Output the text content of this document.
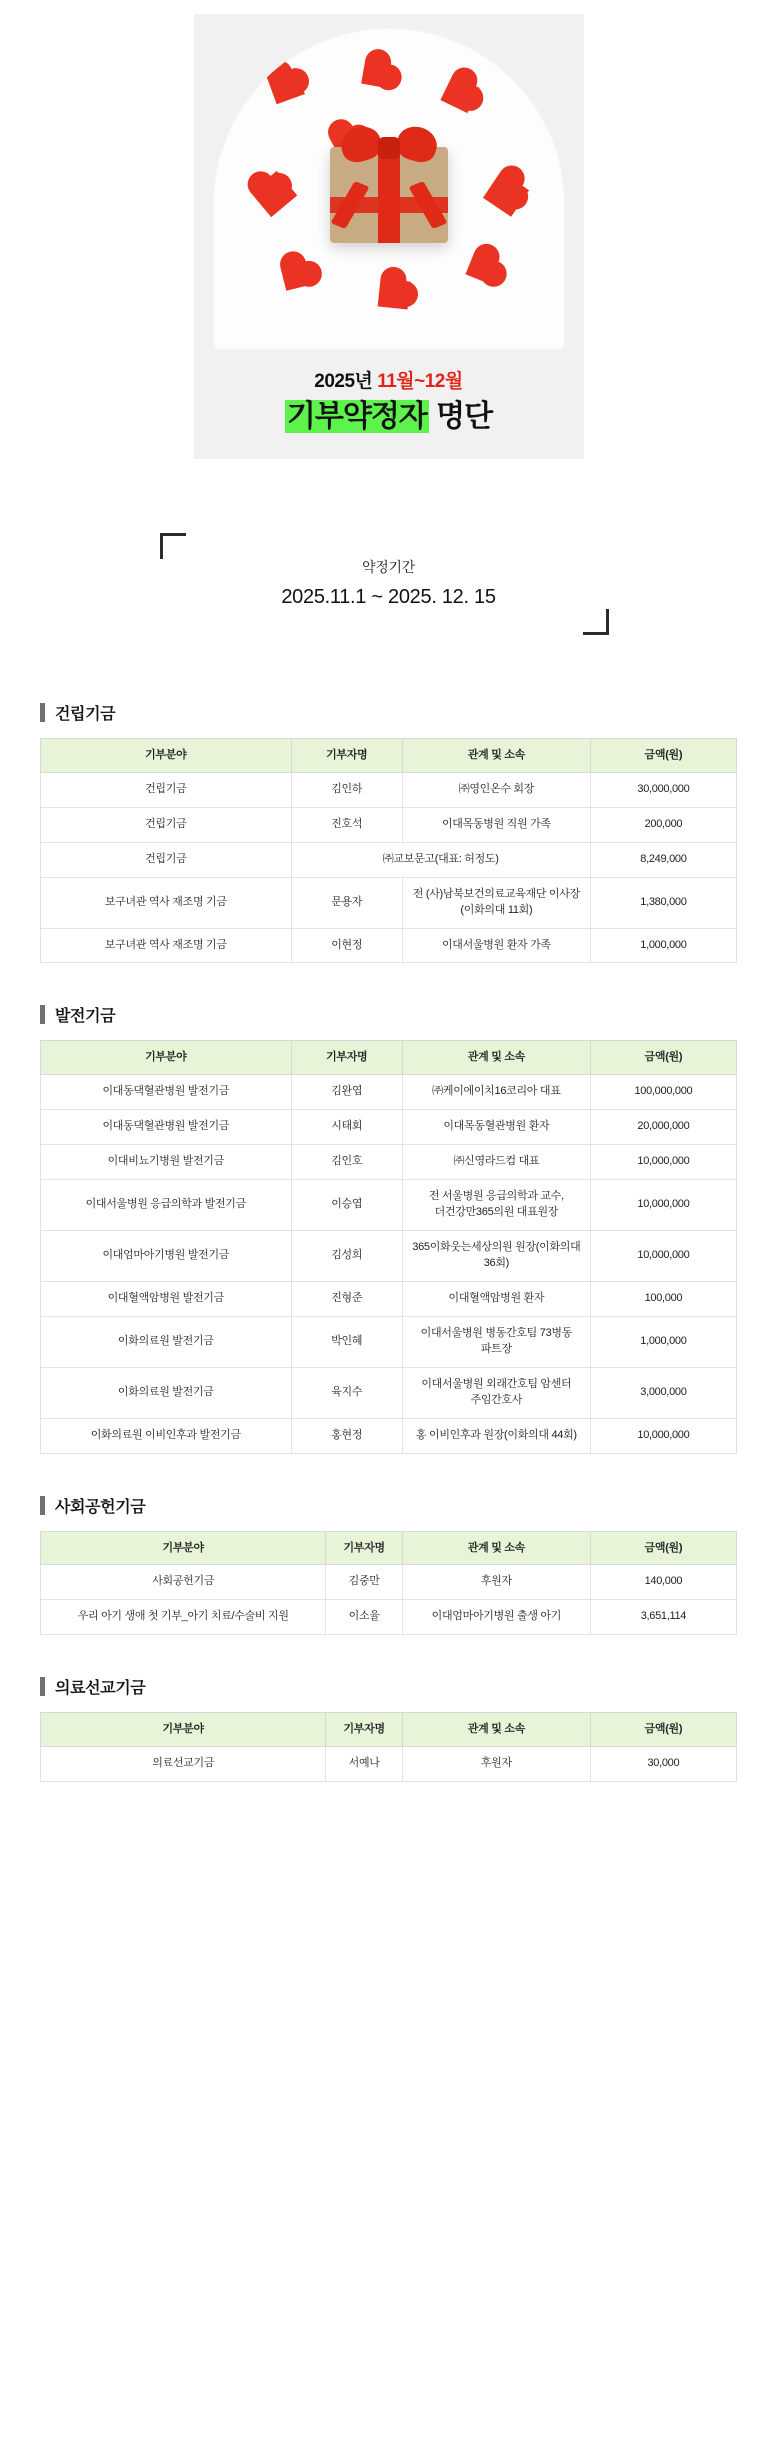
2025년 11월~12월
기부약정자 명단
약정기간
2025.11.1 ~ 2025. 12. 15
건립기금
기부분야	기부자명	관계 및 소속	금액(원)
건립기금	김인하	㈜영인온수 회장	30,000,000
건립기금	진호석	이대목동병원 직원 가족	200,000
건립기금	㈜교보문고(대표: 허정도)		8,249,000
보구녀관 역사 재조명 기금	문용자	전 (사)남북보건의료교육재단 이사장(이화의대 11회)	1,380,000
보구녀관 역사 재조명 기금	이현정	이대서울병원 환자 가족	1,000,000
발전기금
기부분야	기부자명	관계 및 소속	금액(원)
이대동댁혈관병원 발전기금	김완엽	㈜케이에이치16코리아 대표	100,000,000
이대동댁혈관병원 발전기금	시태회	이대목동혈관병원 환자	20,000,000
이대비뇨기병원 발전기금	김인호	㈜신영라드컴 대표	10,000,000
이대서울병원 응급의학과 발전기금	이승엽	전 서울병원 응급의학과 교수, 더건강만365의원 대표원장	10,000,000
이대엄마아기병원 발전기금	김성희	365이화웃는세상의원 원장(이화의대 36회)	10,000,000
이대혈액암병원 발전기금	진형준	이대혈액암병원 환자	100,000
이화의료원 발전기금	박인혜	이대서울병원 병동간호팀 73병동 파트장	1,000,000
이화의료원 발전기금	육지수	이대서울병원 외래간호팀 암센터 주임간호사	3,000,000
이화의료원 이비인후과 발전기금	홍현정	홍 이비인후과 원장(이화의대 44회)	10,000,000
사회공헌기금
기부분야	기부자명	관계 및 소속	금액(원)
사회공헌기금	김중만	후원자	140,000
우리 아기 생애 첫 기부_아기 치료/수술비 지원	이소율	이대엄마아기병원 출생 아기	3,651,114
의료선교기금
기부분야	기부자명	관계 및 소속	금액(원)
의료선교기금	서예나	후원자	30,000
